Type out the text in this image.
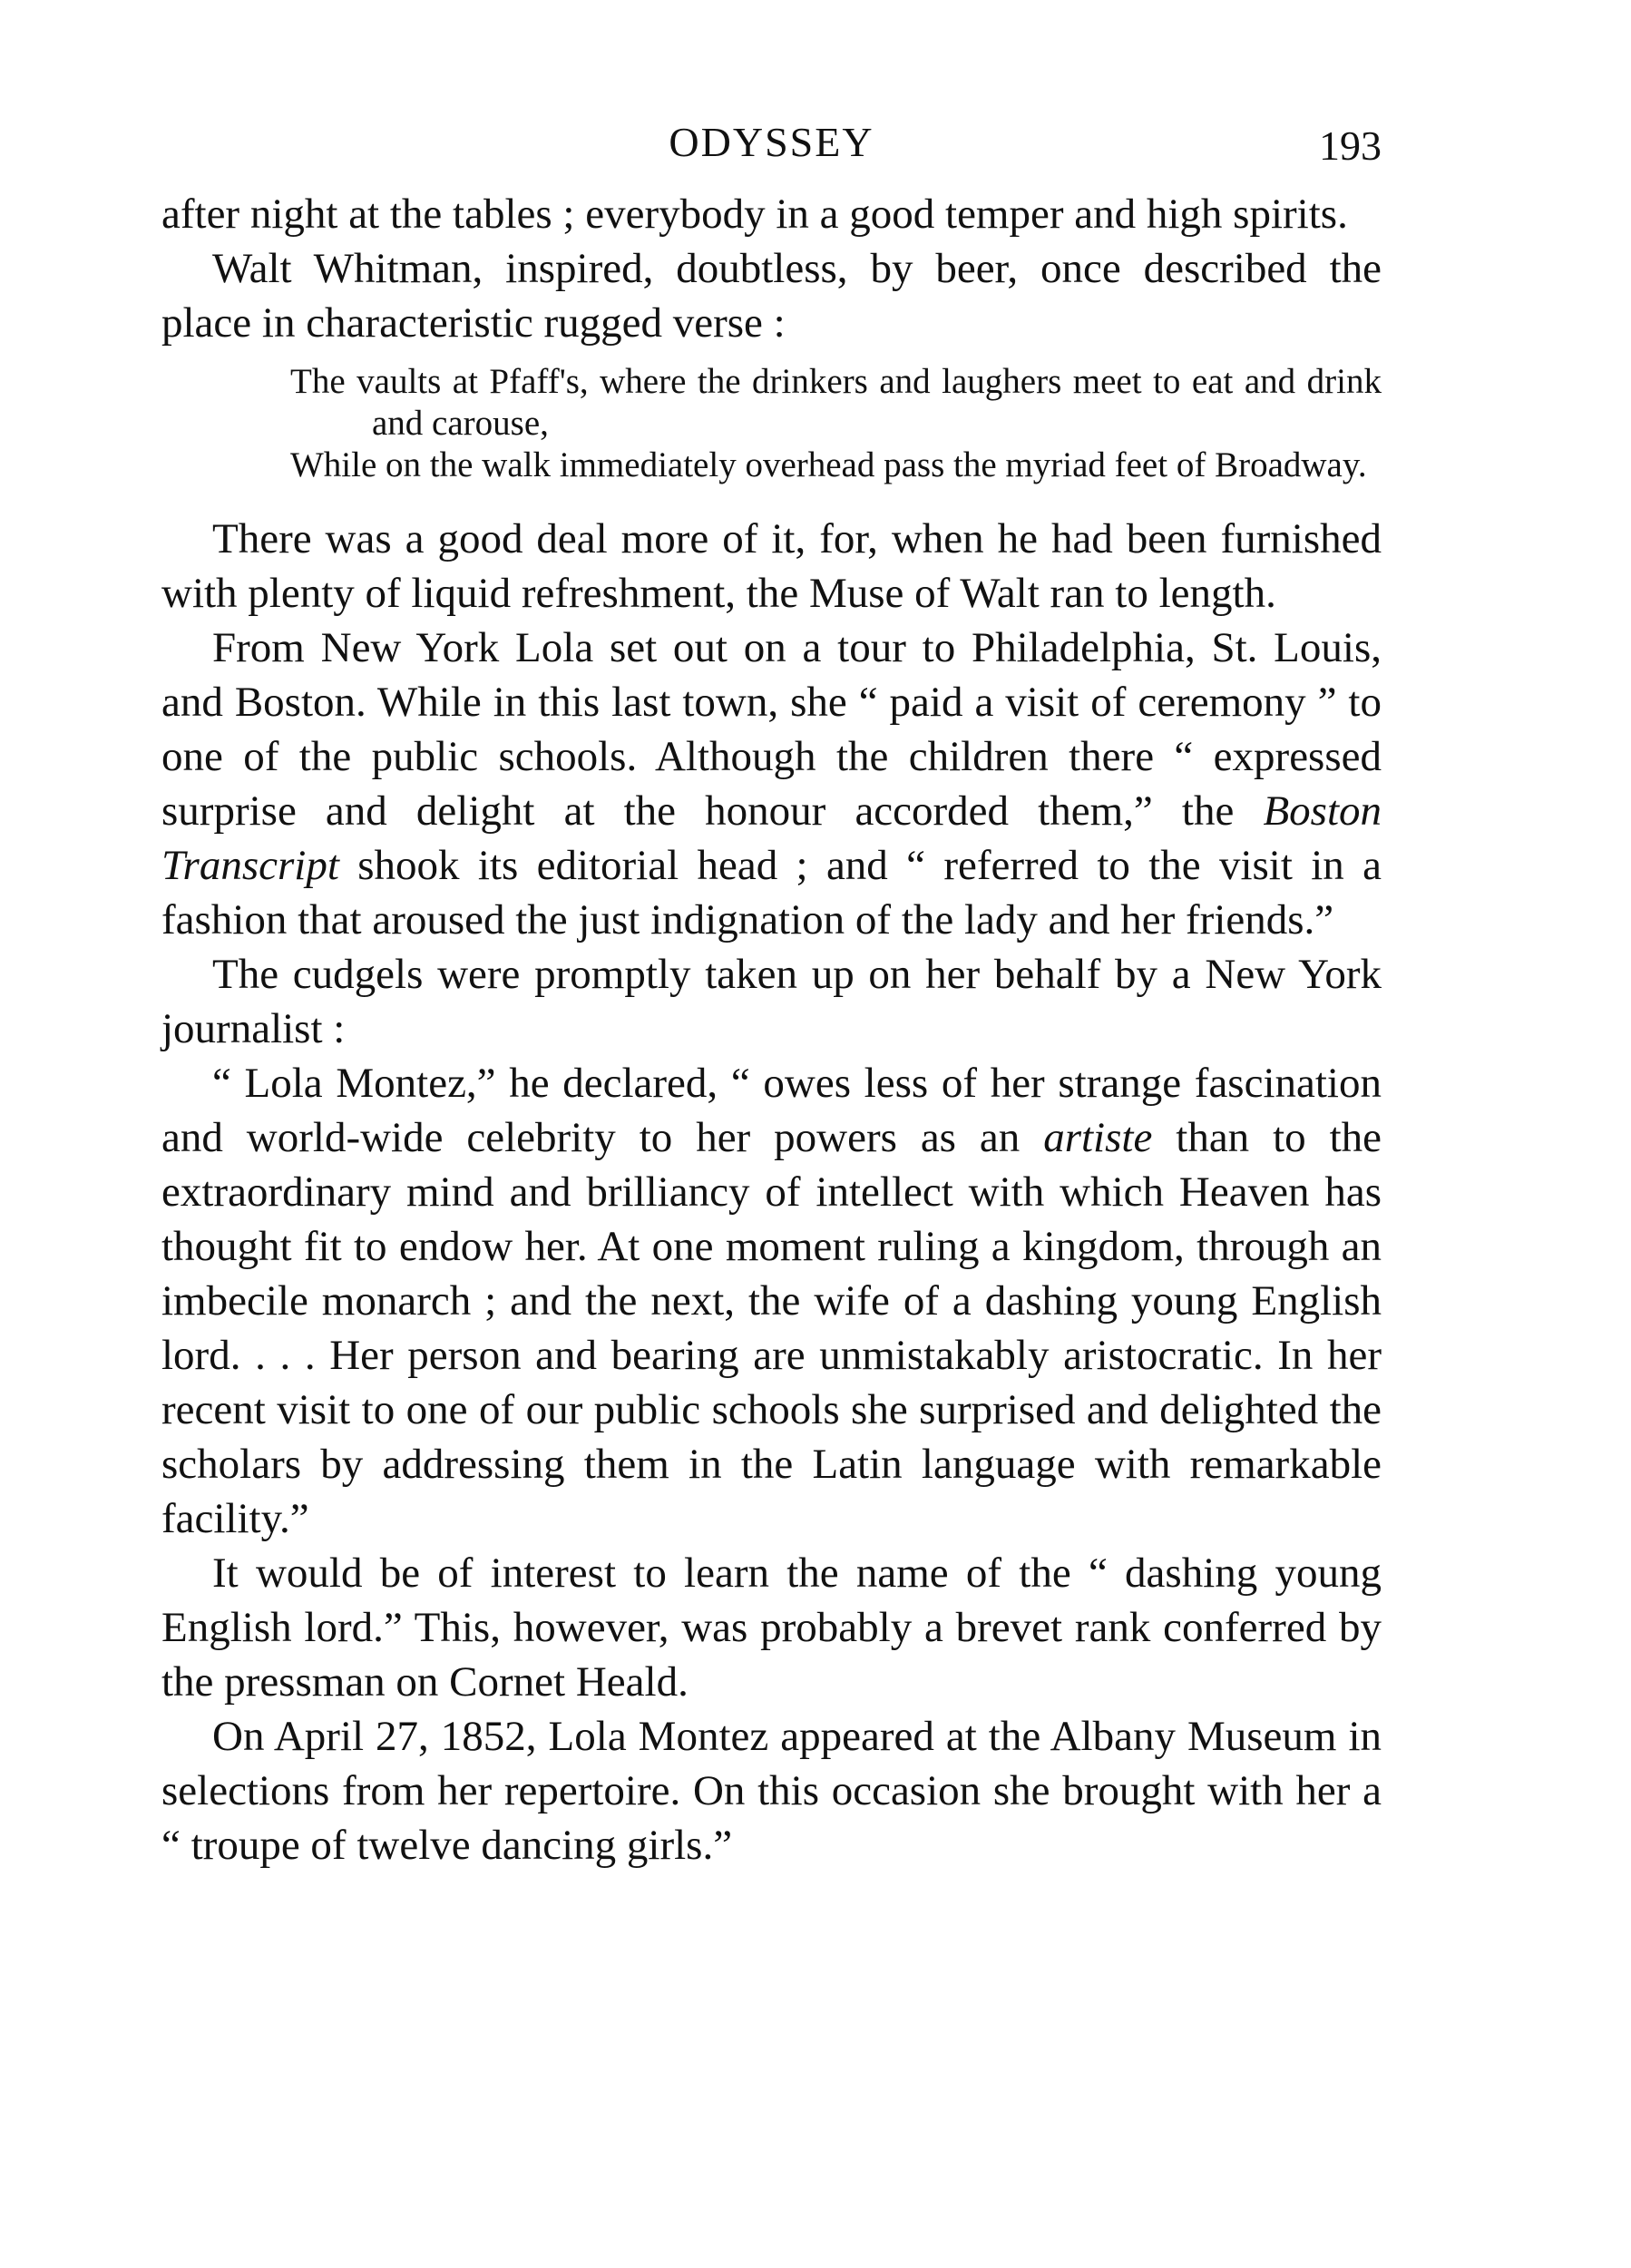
ODYSSEY	193

after night at the tables ; everybody in a good temper and high spirits.

Walt Whitman, inspired, doubtless, by beer, once described the place in characteristic rugged verse :

The vaults at Pfaff's, where the drinkers and laughers meet to eat and drink and carouse,
While on the walk immediately overhead pass the myriad feet of Broadway.

There was a good deal more of it, for, when he had been furnished with plenty of liquid refreshment, the Muse of Walt ran to length.

From New York Lola set out on a tour to Philadelphia, St. Louis, and Boston. While in this last town, she “ paid a visit of ceremony ” to one of the public schools. Although the children there “ expressed surprise and delight at the honour accorded them,” the Boston Transcript shook its editorial head ; and “ referred to the visit in a fashion that aroused the just indignation of the lady and her friends.”

The cudgels were promptly taken up on her behalf by a New York journalist :

“ Lola Montez,” he declared, “ owes less of her strange fascination and world-wide celebrity to her powers as an artiste than to the extraordinary mind and brilliancy of intellect with which Heaven has thought fit to endow her. At one moment ruling a kingdom, through an imbecile monarch ; and the next, the wife of a dashing young English lord. . . . Her person and bearing are unmistakably aristocratic. In her recent visit to one of our public schools she surprised and delighted the scholars by addressing them in the Latin language with remarkable facility.”

It would be of interest to learn the name of the “ dashing young English lord.” This, however, was probably a brevet rank conferred by the pressman on Cornet Heald.

On April 27, 1852, Lola Montez appeared at the Albany Museum in selections from her repertoire. On this occasion she brought with her a “ troupe of twelve dancing girls.”
